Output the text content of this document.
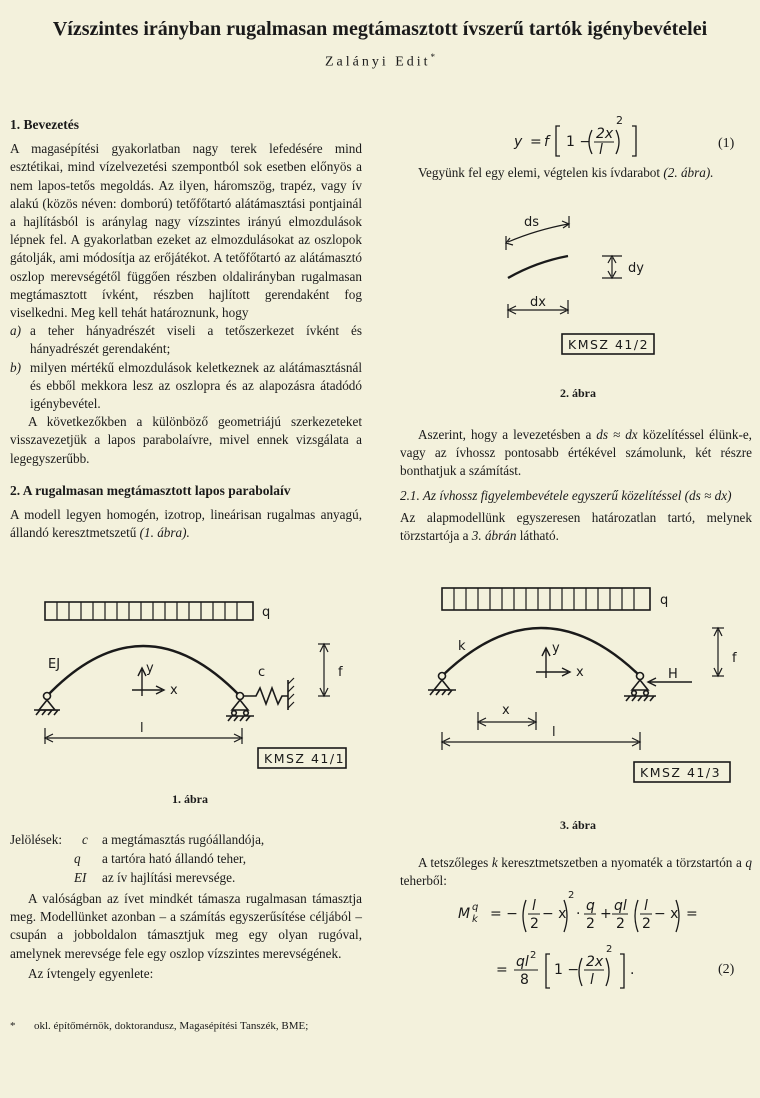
Vízszintes irányban rugalmasan megtámasztott ívszerű tartók igénybevételei
Zalányi Edit*
1. Bevezetés

A magasépítési gyakorlatban nagy terek lefedésére mind esztétikai, mind vízelvezetési szempontból sok esetben előnyös a nem lapos-tetős megoldás. Az ilyen, háromszög, trapéz, vagy ív alakú (közös néven: domború) tetőfőtartó alátámasztási pontjainál a hajlításból is aránylag nagy vízszintes irányú elmozdulások lépnek fel. A gyakorlatban ezeket az elmozdulásokat az oszlopok gátolják, ami módosítja az erőjátékot. A tetőfőtartó az alátámasztó oszlop merevségétől függően részben oldalirányban rugalmasan megtámasztott ívként, részben hajlított gerendaként fog viselkedni. Meg kell tehát határoznunk, hogy

a) a teher hányadrészét viseli a tetőszerkezet ívként és hányadrészét gerendaként;
b) milyen mértékű elmozdulások keletkeznek az alátámasztásnál és ebből mekkora lesz az oszlopra és az alapozásra átadódó igénybevétel.

A következőkben a különböző geometriájú szerkezeteket visszavezetjük a lapos parabolaívre, mivel ennek vizsgálata a legegyszerűbb.

2. A rugalmasan megtámasztott lapos parabolaív

A modell legyen homogén, izotrop, lineárisan rugalmas anyagú, állandó keresztmetszetű (1. ábra).

q
EJ
c	f
y
x
l
KMSZ 41/1
1. ábra
Jelölések:	c	a megtámasztás rugóállandója,
q	a tartóra ható állandó teher,
EI	az ív hajlítási merevsége.

A valóságban az ívet mindkét támasza rugalmasan támasztja meg. Modellünket azonban – a számítás egyszerűsítése céljából – csupán a jobboldalon támasztjuk meg egy olyan rugóval, amelynek merevsége fele egy oszlop vízszintes merevségének.

Az ívtengely egyenlete:

*	okl. építőmérnök, doktorandusz, Magasépítési Tanszék, BME;
y = f 1 − 2x
l
2
(1)

Vegyünk fel egy elemi, végtelen kis ívdarabot (2. ábra).

ds
dy
dx
KMSZ 41/2
2. ábra

Aszerint, hogy a levezetésben a ds ≈ dx közelítéssel élünk-e, vagy az ívhossz pontosabb értékével számolunk, két részre bonthatjuk a számítást.

2.1. Az ívhossz figyelembevétele egyszerű közelítéssel (ds ≈ dx)

Az alapmodellünk egyszeresen határozatlan tartó, melynek törzstartója a 3. ábrán látható.

q
k	y
x	H
f
x
l
KMSZ 41/3
3. ábra

A tetszőleges k keresztmetszetben a nyomaték a törzstartón a q teherből:

M q
k = − l
2
− x
2
· q
2
+ ql
2
l
2
− x =
= ql 2
8
1 − 2x
l
2
.	(2)
